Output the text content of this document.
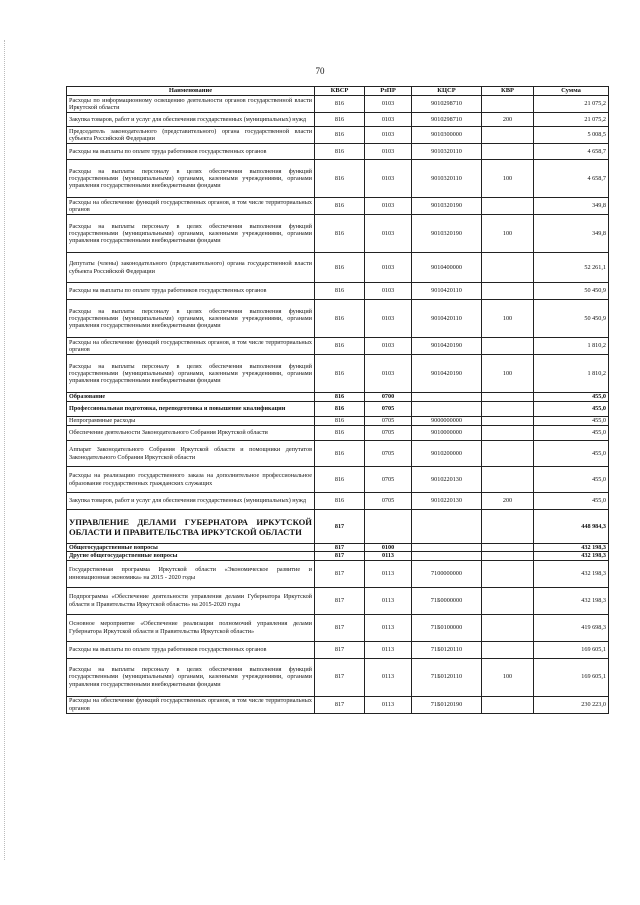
70
Наименование	КВСР	РзПР	КЦСР	КВР	Сумма
Расходы по информационному освещению деятельности органов государственной власти Иркутской области	816	0103	9010298710		21 075,2
Закупка товаров, работ и услуг для обеспечения государственных (муниципальных) нужд	816	0103	9010298710	200	21 075,2
Председатель законодательного (представительного) органа государственной власти субъекта Российской Федерации	816	0103	9010300000		5 008,5
Расходы на выплаты по оплате труда работников государственных органов	816	0103	9010320110		4 658,7
Расходы на выплаты персоналу в целях обеспечения выполнения функций государственными (муниципальными) органами, казенными учреждениями, органами управления государственными внебюджетными фондами	816	0103	9010320110	100	4 658,7
Расходы на обеспечение функций государственных органов, в том числе территориальных органов	816	0103	9010320190		349,8
Расходы на выплаты персоналу в целях обеспечения выполнения функций государственными (муниципальными) органами, казенными учреждениями, органами управления государственными внебюджетными фондами	816	0103	9010320190	100	349,8
Депутаты (члены) законодательного (представительного) органа государственной власти субъекта Российской Федерации	816	0103	9010400000		52 261,1
Расходы на выплаты по оплате труда работников государственных органов	816	0103	9010420110		50 450,9
Расходы на выплаты персоналу в целях обеспечения выполнения функций государственными (муниципальными) органами, казенными учреждениями, органами управления государственными внебюджетными фондами	816	0103	9010420110	100	50 450,9
Расходы на обеспечение функций государственных органов, в том числе территориальных органов	816	0103	9010420190		1 810,2
Расходы на выплаты персоналу в целях обеспечения выполнения функций государственными (муниципальными) органами, казенными учреждениями, органами управления государственными внебюджетными фондами	816	0103	9010420190	100	1 810,2
Образование	816	0700			455,0
Профессиональная подготовка, переподготовка и повышение квалификации	816	0705			455,0
Непрограммные расходы	816	0705	9000000000		455,0
Обеспечение деятельности Законодательного Собрания Иркутской области	816	0705	9010000000		455,0
Аппарат Законодательного Собрания Иркутской области и помощники депутатов Законодательного Собрания Иркутской области	816	0705	9010200000		455,0
Расходы на реализацию государственного заказа на дополнительное профессиональное образование государственных гражданских служащих	816	0705	9010220130		455,0
Закупка товаров, работ и услуг для обеспечения государственных (муниципальных) нужд	816	0705	9010220130	200	455,0
УПРАВЛЕНИЕ ДЕЛАМИ ГУБЕРНАТОРА ИРКУТСКОЙ ОБЛАСТИ И ПРАВИТЕЛЬСТВА ИРКУТСКОЙ ОБЛАСТИ	817				448 984,3
Общегосударственные вопросы	817	0100			432 198,3
Другие общегосударственные вопросы	817	0113			432 198,3
Государственная программа Иркутской области «Экономическое развитие и инновационная экономика» на 2015 - 2020 годы	817	0113	7100000000		432 198,3
Подпрограмма «Обеспечение деятельности управления делами Губернатора Иркутской области и Правительства Иркутской области» на 2015-2020 годы	817	0113	71Б0000000		432 198,3
Основное мероприятие «Обеспечение реализации полномочий управления делами Губернатора Иркутской области и Правительства Иркутской области»	817	0113	71Б0100000		419 698,3
Расходы на выплаты по оплате труда работников государственных органов	817	0113	71Б0120110		169 605,1
Расходы на выплаты персоналу в целях обеспечения выполнения функций государственными (муниципальными) органами, казенными учреждениями, органами управления государственными внебюджетными фондами	817	0113	71Б0120110	100	169 605,1
Расходы на обеспечение функций государственных органов, в том числе территориальных органов	817	0113	71Б0120190		230 223,0
